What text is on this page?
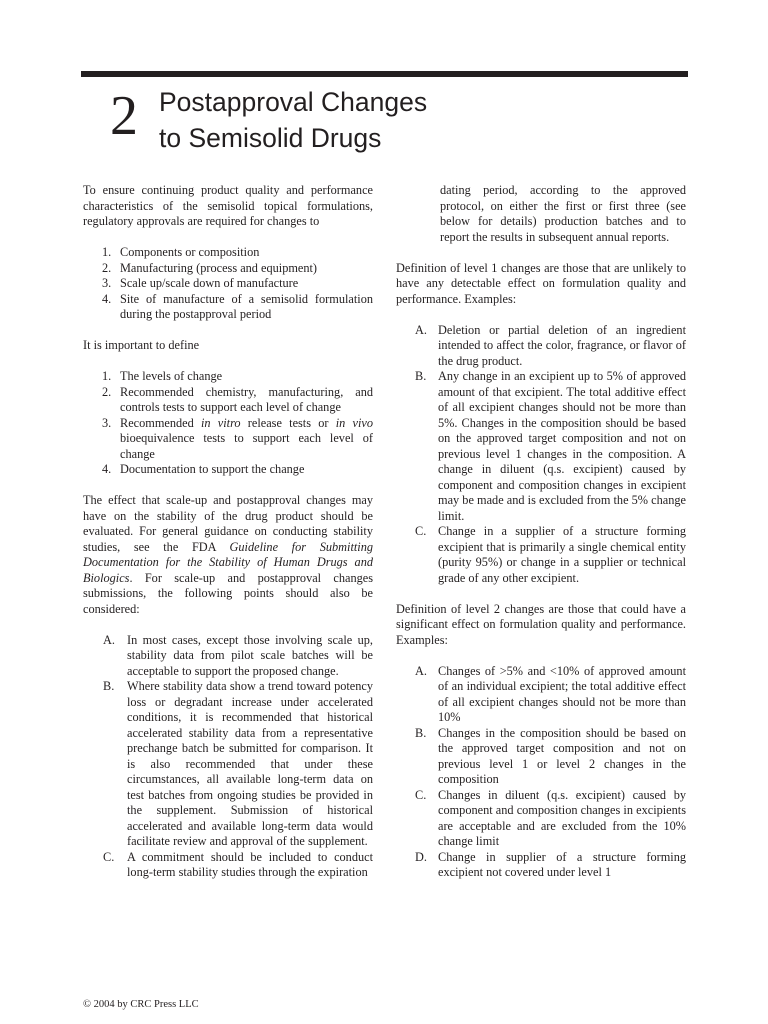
2 Postapproval Changes
to Semisolid Drugs

To ensure continuing product quality and performance characteristics of the semisolid topical formulations, regulatory approvals are required for changes to

1. Components or composition
2. Manufacturing (process and equipment)
3. Scale up/scale down of manufacture
4. Site of manufacture of a semisolid formulation during the postapproval period

It is important to define

1. The levels of change
2. Recommended chemistry, manufacturing, and controls tests to support each level of change
3. Recommended in vitro release tests or in vivo bioequivalence tests to support each level of change
4. Documentation to support the change

The effect that scale-up and postapproval changes may have on the stability of the drug product should be evaluated. For general guidance on conducting stability studies, see the FDA Guideline for Submitting Documentation for the Stability of Human Drugs and Biologics. For scale-up and postapproval changes submissions, the following points should also be considered:

A. In most cases, except those involving scale up, stability data from pilot scale batches will be acceptable to support the proposed change.
B. Where stability data show a trend toward potency loss or degradant increase under accelerated conditions, it is recommended that historical accelerated stability data from a representative prechange batch be submitted for comparison. It is also recommended that under these circumstances, all available long-term data on test batches from ongoing studies be provided in the supplement. Submission of historical accelerated and available long-term data would facilitate review and approval of the supplement.
C. A commitment should be included to conduct long-term stability studies through the expiration
dating period, according to the approved protocol, on either the first or first three (see below for details) production batches and to report the results in subsequent annual reports.

Definition of level 1 changes are those that are unlikely to have any detectable effect on formulation quality and performance. Examples:

A. Deletion or partial deletion of an ingredient intended to affect the color, fragrance, or flavor of the drug product.
B. Any change in an excipient up to 5% of approved amount of that excipient. The total additive effect of all excipient changes should not be more than 5%. Changes in the composition should be based on the approved target composition and not on previous level 1 changes in the composition. A change in diluent (q.s. excipient) caused by component and composition changes in excipient may be made and is excluded from the 5% change limit.
C. Change in a supplier of a structure forming excipient that is primarily a single chemical entity (purity 95%) or change in a supplier or technical grade of any other excipient.

Definition of level 2 changes are those that could have a significant effect on formulation quality and performance. Examples:

A. Changes of >5% and <10% of approved amount of an individual excipient; the total additive effect of all excipient changes should not be more than 10%
B. Changes in the composition should be based on the approved target composition and not on previous level 1 or level 2 changes in the composition
C. Changes in diluent (q.s. excipient) caused by component and composition changes in excipients are acceptable and are excluded from the 10% change limit
D. Change in supplier of a structure forming excipient not covered under level 1
© 2004 by CRC Press LLC
